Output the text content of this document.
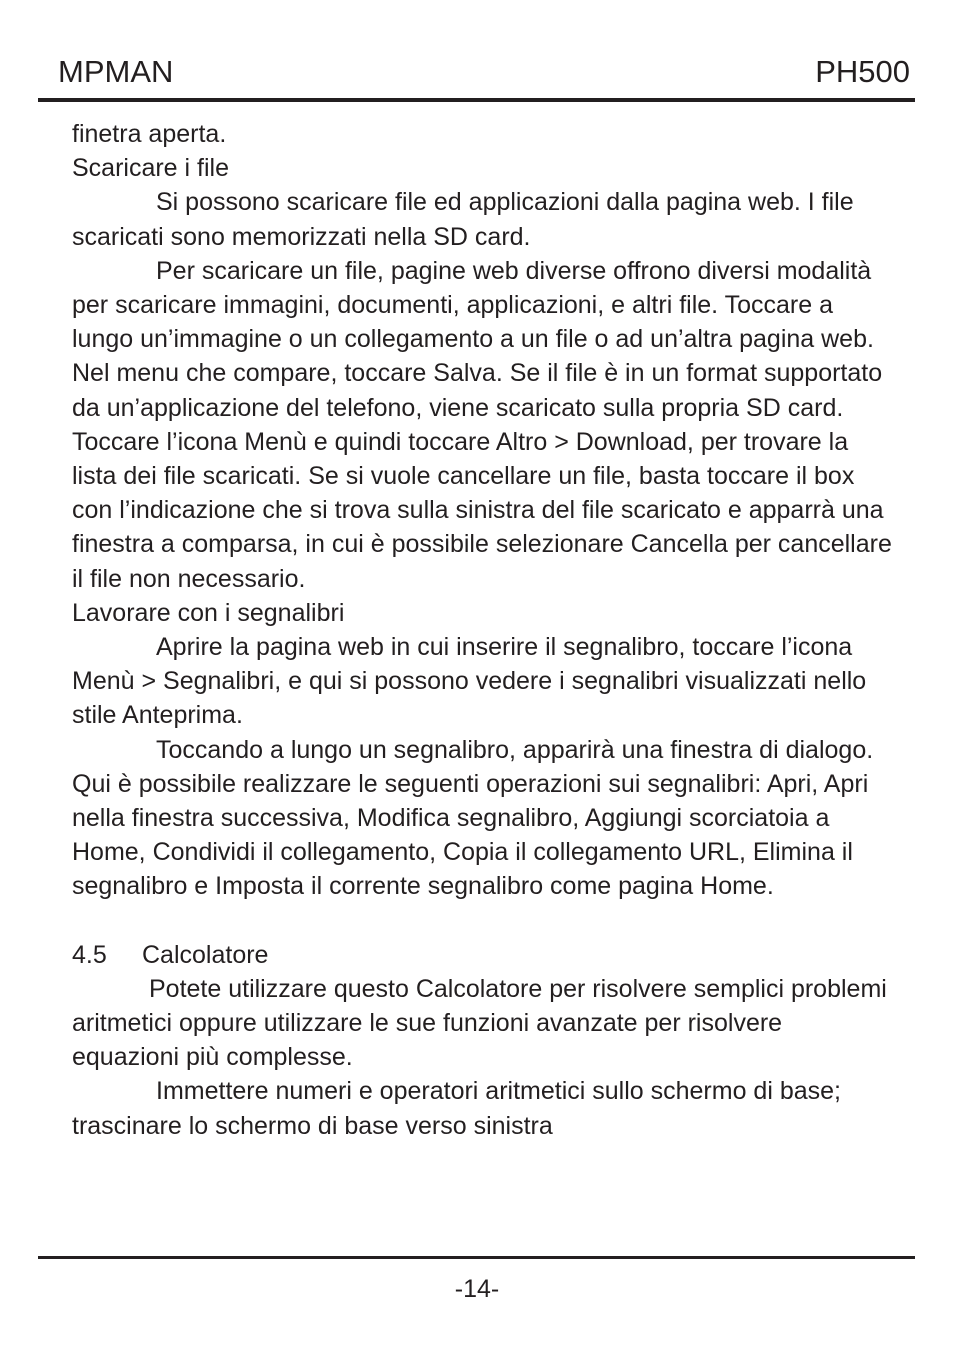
MPMAN	PH500

finetra aperta.

Scaricare i file

Si possono scaricare file ed applicazioni dalla pagina web. I file scaricati sono memorizzati nella SD card.

Per scaricare un file, pagine web diverse offrono diversi modalità per scaricare immagini, documenti, applicazioni, e altri file. Toccare a lungo un’immagine o un collegamento a un file o ad un’altra pagina web. Nel menu che compare, toccare Salva. Se il file è in un format supportato da un’applicazione del telefono, viene scaricato sulla propria SD card. Toccare l’icona Menù e quindi toccare Altro > Download, per trovare la lista dei file scaricati. Se si vuole cancellare un file, basta toccare il box con l’indicazione che si trova sulla sinistra del file scaricato e apparrà una finestra a comparsa, in cui è possibile selezionare Cancella per cancellare il file non necessario.

Lavorare con i segnalibri

Aprire la pagina web in cui inserire il segnalibro, toccare l’icona Menù > Segnalibri, e qui si possono vedere i segnalibri visualizzati nello stile Anteprima.

Toccando a lungo un segnalibro, apparirà una finestra di dialogo. Qui è possibile realizzare le seguenti operazioni sui segnalibri: Apri, Apri nella finestra successiva, Modifica segnalibro, Aggiungi scorciatoia a Home, Condividi il collegamento, Copia il collegamento URL, Elimina il segnalibro e Imposta il corrente segnalibro come pagina Home.

4.5	Calcolatore

Potete utilizzare questo Calcolatore per risolvere semplici problemi aritmetici oppure utilizzare le sue funzioni avanzate per risolvere equazioni più complesse.

Immettere numeri e operatori aritmetici sullo schermo di base; trascinare lo schermo di base verso sinistra

-14-
